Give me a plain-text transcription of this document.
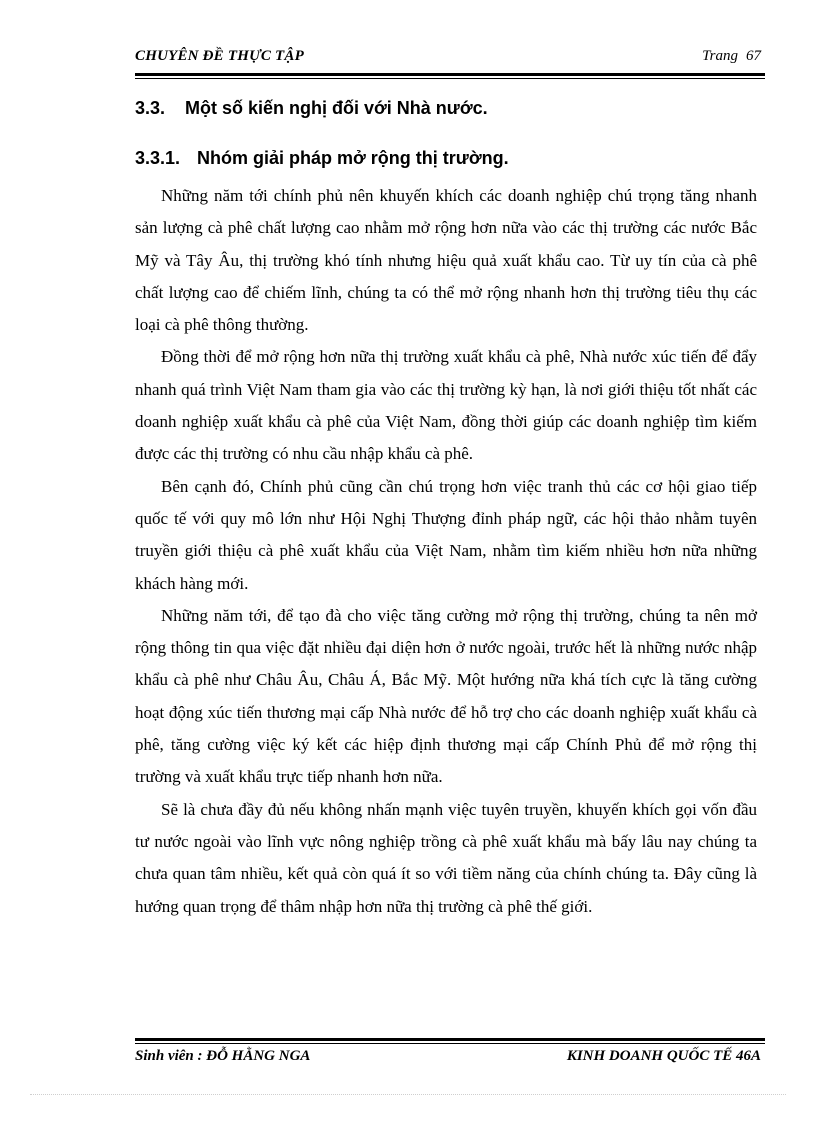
CHUYÊN ĐỀ THỰC TẬP	Trang 67
3.3. Một số kiến nghị đối với Nhà nước.
3.3.1. Nhóm giải pháp mở rộng thị trường.

Những năm tới chính phủ nên khuyến khích các doanh nghiệp chú trọng tăng nhanh sản lượng cà phê chất lượng cao nhằm mở rộng hơn nữa vào các thị trường các nước Bắc Mỹ và Tây Âu, thị trường khó tính nhưng hiệu quả xuất khẩu cao. Từ uy tín của cà phê chất lượng cao để chiếm lĩnh, chúng ta có thể mở rộng nhanh hơn thị trường tiêu thụ các loại cà phê thông thường.

Đồng thời để mở rộng hơn nữa thị trường xuất khẩu cà phê, Nhà nước xúc tiến để đẩy nhanh quá trình Việt Nam tham gia vào các thị trường kỳ hạn, là nơi giới thiệu tốt nhất các doanh nghiệp xuất khẩu cà phê của Việt Nam, đồng thời giúp các doanh nghiệp tìm kiếm được các thị trường có nhu cầu nhập khẩu cà phê.

Bên cạnh đó, Chính phủ cũng cần chú trọng hơn việc tranh thủ các cơ hội giao tiếp quốc tế với quy mô lớn như Hội Nghị Thượng đỉnh pháp ngữ, các hội thảo nhằm tuyên truyền giới thiệu cà phê xuất khẩu của Việt Nam, nhằm tìm kiếm nhiều hơn nữa những khách hàng mới.

Những năm tới, để tạo đà cho việc tăng cường mở rộng thị trường, chúng ta nên mở rộng thông tin qua việc đặt nhiều đại diện hơn ở nước ngoài, trước hết là những nước nhập khẩu cà phê như Châu Âu, Châu Á, Bắc Mỹ. Một hướng nữa khá tích cực là tăng cường hoạt động xúc tiến thương mại cấp Nhà nước để hỗ trợ cho các doanh nghiệp xuất khẩu cà phê, tăng cường việc ký kết các hiệp định thương mại cấp Chính Phủ để mở rộng thị trường và xuất khẩu trực tiếp nhanh hơn nữa.

Sẽ là chưa đầy đủ nếu không nhấn mạnh việc tuyên truyền, khuyến khích gọi vốn đầu tư nước ngoài vào lĩnh vực nông nghiệp trồng cà phê xuất khẩu mà bấy lâu nay chúng ta chưa quan tâm nhiều, kết quả còn quá ít so với tiềm năng của chính chúng ta. Đây cũng là hướng quan trọng để thâm nhập hơn nữa thị trường cà phê thế giới.

Sinh viên : ĐỖ HẰNG NGA	KINH DOANH QUỐC TẾ 46A
